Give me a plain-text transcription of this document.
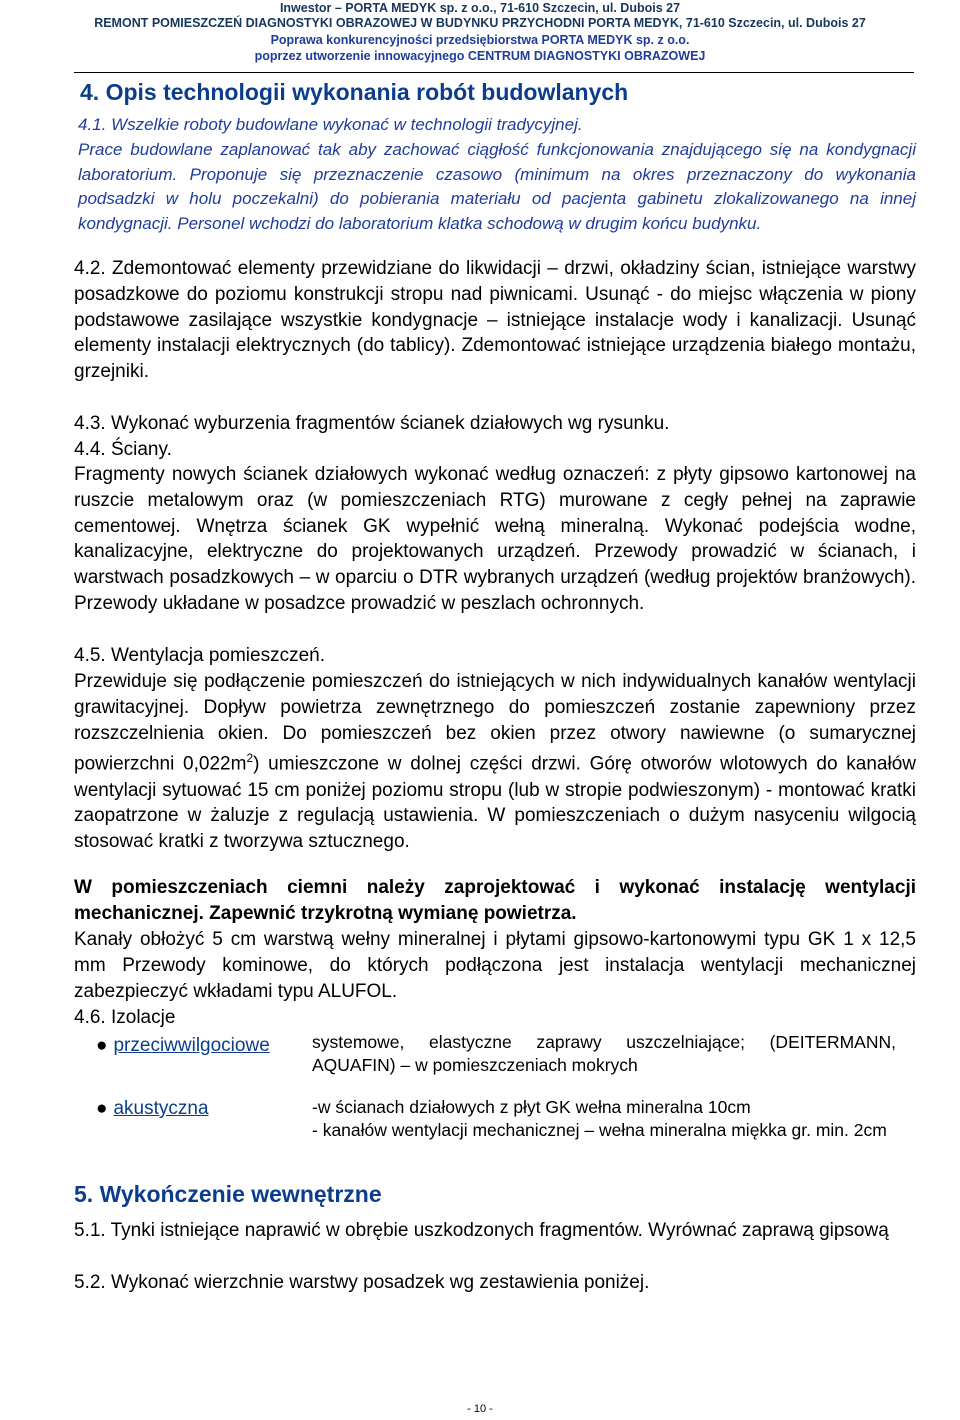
Inwestor – PORTA MEDYK sp. z o.o., 71-610 Szczecin, ul. Dubois 27
REMONT POMIESZCZEŃ DIAGNOSTYKI OBRAZOWEJ W BUDYNKU PRZYCHODNI PORTA MEDYK, 71-610 Szczecin, ul. Dubois 27
Poprawa konkurencyjności przedsiębiorstwa PORTA MEDYK sp. z o.o.
poprzez utworzenie innowacyjnego CENTRUM DIAGNOSTYKI OBRAZOWEJ
4. Opis technologii wykonania robót budowlanych
4.1. Wszelkie roboty budowlane wykonać w technologii tradycyjnej.
Prace budowlane zaplanować tak aby zachować ciągłość funkcjonowania znajdującego się na kondygnacji laboratorium. Proponuje się przeznaczenie czasowo (minimum na okres przeznaczony do wykonania podsadzki w holu poczekalni) do pobierania materiału od pacjenta gabinetu zlokalizowanego na innej kondygnacji. Personel wchodzi do laboratorium klatka schodową w drugim końcu budynku.
4.2. Zdemontować elementy przewidziane do likwidacji – drzwi, okładziny ścian, istniejące warstwy posadzkowe do poziomu konstrukcji stropu nad piwnicami. Usunąć - do miejsc włączenia w piony podstawowe zasilające wszystkie kondygnacje – istniejące instalacje wody i kanalizacji. Usunąć elementy instalacji elektrycznych (do tablicy). Zdemontować istniejące urządzenia białego montażu, grzejniki.
4.3. Wykonać wyburzenia fragmentów ścianek działowych wg rysunku.
4.4. Ściany.
Fragmenty nowych ścianek działowych wykonać według oznaczeń: z płyty gipsowo kartonowej na ruszcie metalowym oraz (w pomieszczeniach RTG) murowane z cegły pełnej na zaprawie cementowej. Wnętrza ścianek GK wypełnić wełną mineralną. Wykonać podejścia wodne, kanalizacyjne, elektryczne do projektowanych urządzeń. Przewody prowadzić w ścianach, i warstwach posadzkowych – w oparciu o DTR wybranych urządzeń (według projektów branżowych). Przewody układane w posadzce prowadzić w peszlach ochronnych.
4.5. Wentylacja pomieszczeń.
Przewiduje się podłączenie pomieszczeń do istniejących w nich indywidualnych kanałów wentylacji grawitacyjnej. Dopływ powietrza zewnętrznego do pomieszczeń zostanie zapewniony przez rozszczelnienia okien. Do pomieszczeń bez okien przez otwory nawiewne (o sumarycznej powierzchni $0,022m^2$) umieszczone w dolnej części drzwi. Górę otworów wlotowych do kanałów wentylacji sytuować 15 cm poniżej poziomu stropu (lub w stropie podwieszonym) - montować kratki zaopatrzone w żaluzje z regulacją ustawienia. W pomieszczeniach o dużym nasyceniu wilgocią stosować kratki z tworzywa sztucznego.
W pomieszczeniach ciemni należy zaprojektować i wykonać instalację wentylacji mechanicznej. Zapewnić trzykrotną wymianę powietrza.
Kanały obłożyć 5 cm warstwą wełny mineralnej i płytami gipsowo-kartonowymi typu GK 1 x 12,5 mm Przewody kominowe, do których podłączona jest instalacja wentylacji mechanicznej zabezpieczyć wkładami typu ALUFOL.
4.6. Izolacje
● przeciwwilgociowe systemowe, elastyczne zaprawy uszczelniające; (DEITERMANN, AQUAFIN) – w pomieszczeniach mokrych
● akustyczna	-w ścianach działowych z płyt GK wełna mineralna 10cm
- kanałów wentylacji mechanicznej – wełna mineralna miękka gr. min. 2cm
5. Wykończenie wewnętrzne
5.1. Tynki istniejące naprawić w obrębie uszkodzonych fragmentów. Wyrównać zaprawą gipsową
5.2. Wykonać wierzchnie warstwy posadzek wg zestawienia poniżej.
- 10 -
